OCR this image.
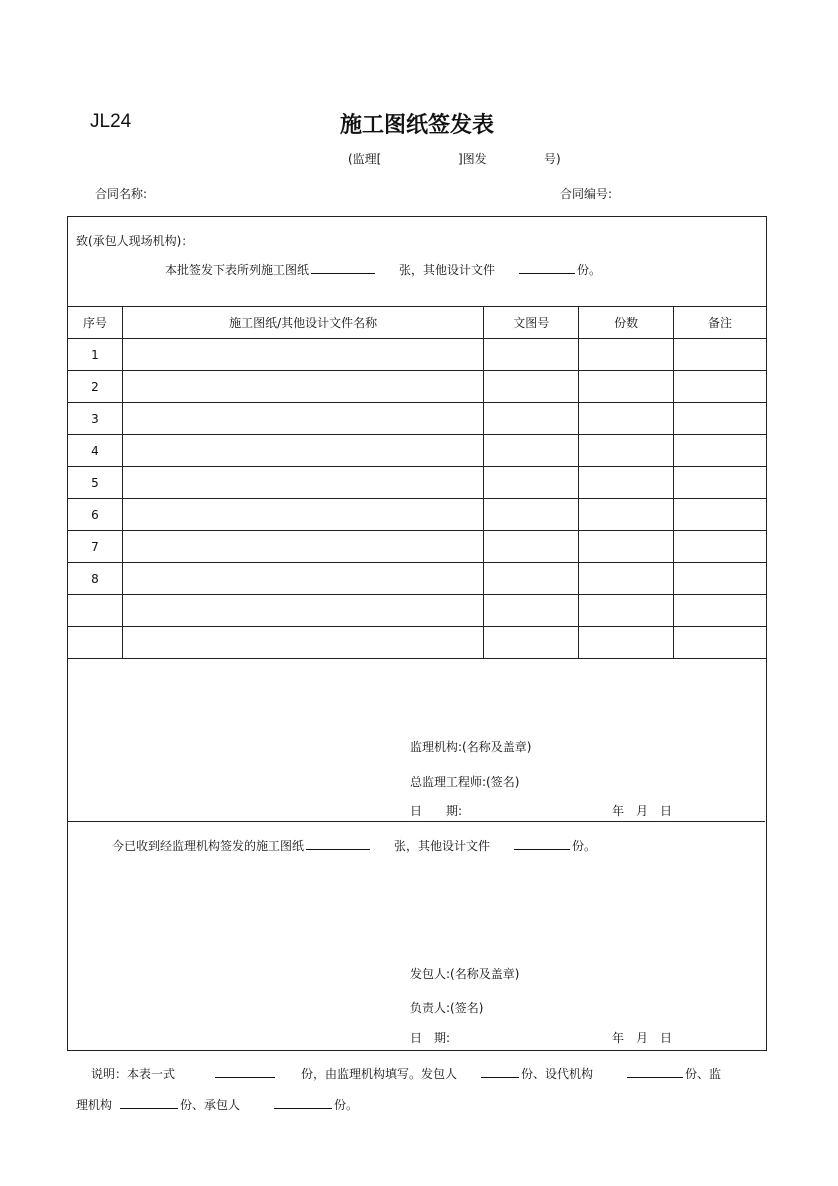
JL24	施工图纸签发表
(监理[	]图发	号)
合同名称:	合同编号:
致(承包人现场机构)：
本批签发下表所列施工图纸	张，其他设计文件	份。
序号	施工图纸/其他设计文件名称	文图号	份数	备注
1				
2				
3				
4				
5				
6				
7				
8				

监理机构:(名称及盖章)
总监理工程师:(签名)
日　　期:	年　月　日
今已收到经监理机构签发的施工图纸	张，其他设计文件	份。
发包人:(名称及盖章)
负责人:(签名)
日　期:	年　月　日
说明：本表一式	份，由监理机构填写。发包人	份、设代机构	份、监
理机构	份、承包人	份。
